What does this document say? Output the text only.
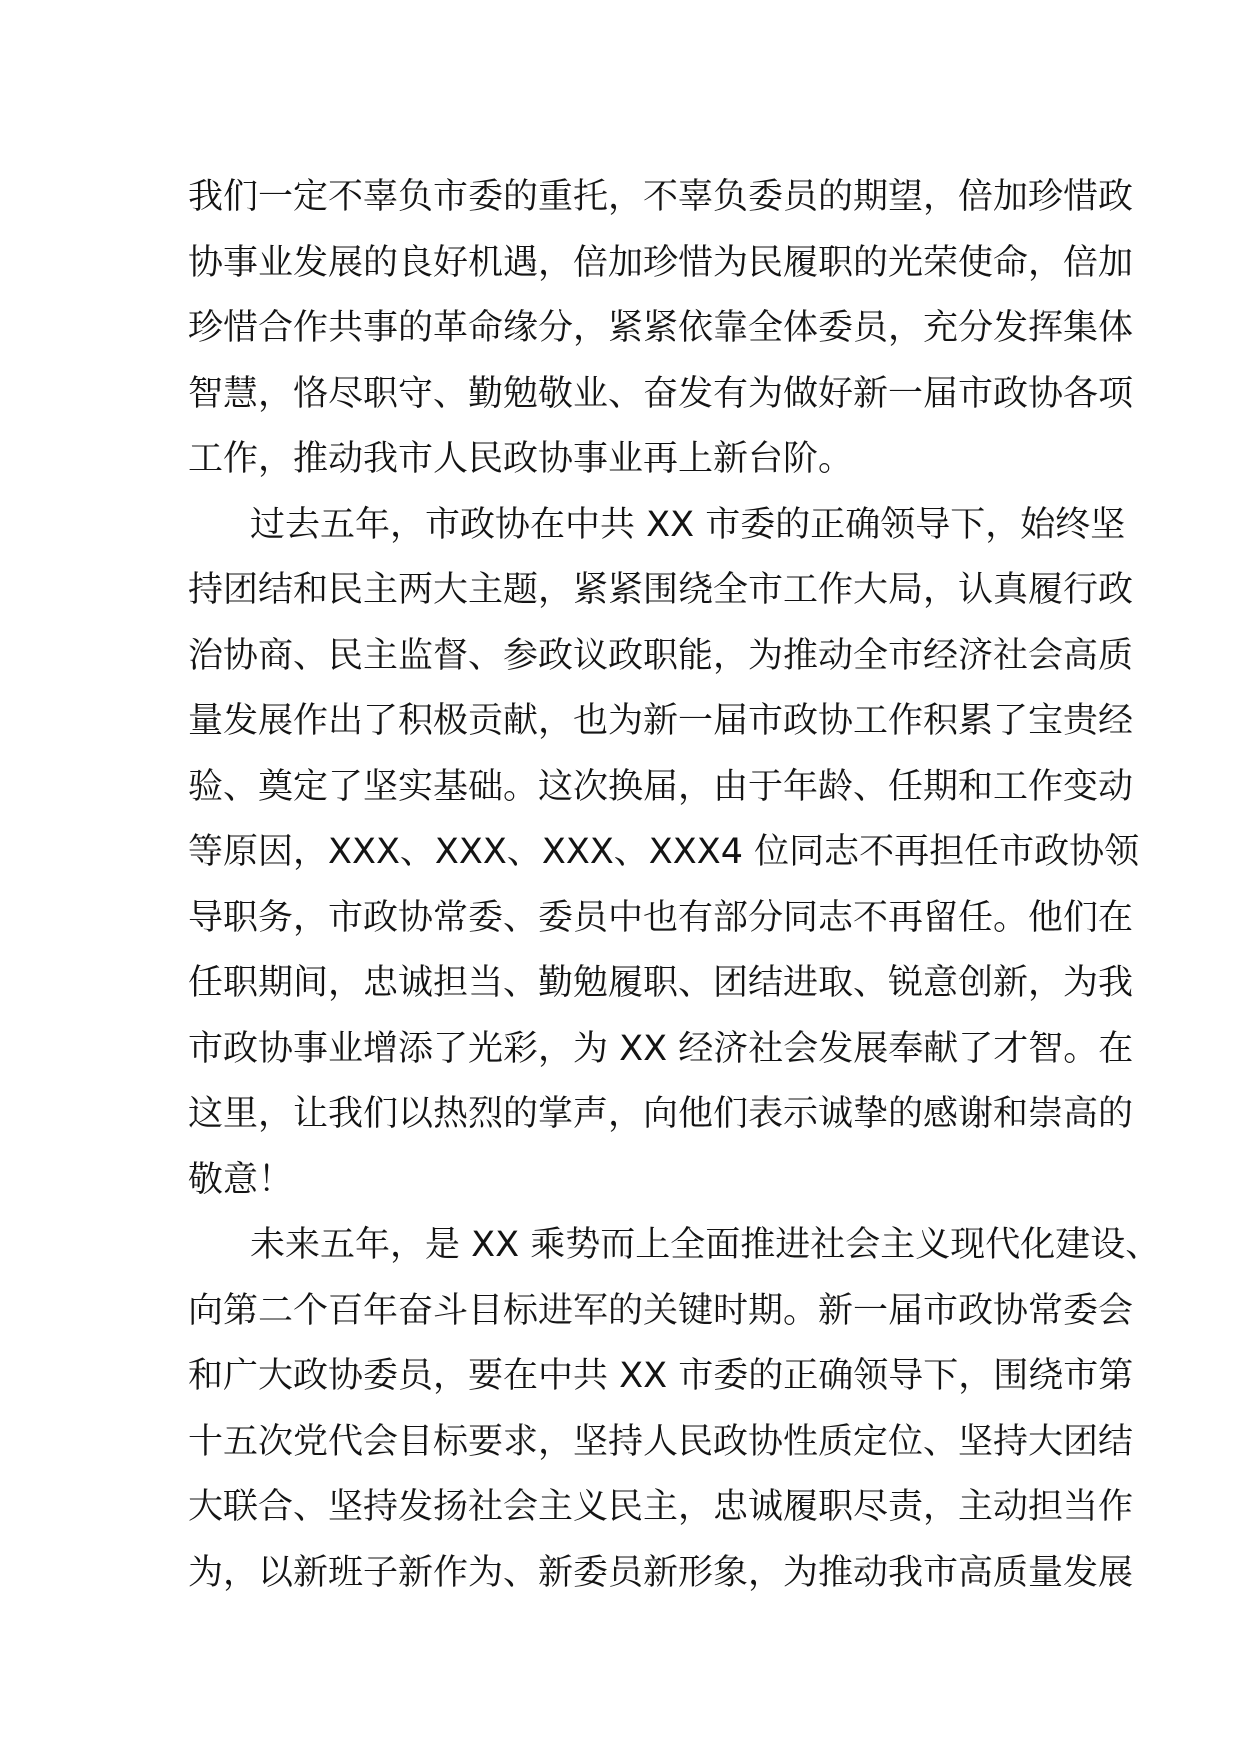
我们一定不辜负市委的重托，不辜负委员的期望，倍加珍惜政
协事业发展的良好机遇，倍加珍惜为民履职的光荣使命，倍加
珍惜合作共事的革命缘分，紧紧依靠全体委员，充分发挥集体
智慧，恪尽职守、勤勉敬业、奋发有为做好新一届市政协各项
工作，推动我市人民政协事业再上新台阶。
过去五年，市政协在中共 XX 市委的正确领导下，始终坚
持团结和民主两大主题，紧紧围绕全市工作大局，认真履行政
治协商、民主监督、参政议政职能，为推动全市经济社会高质
量发展作出了积极贡献，也为新一届市政协工作积累了宝贵经
验、奠定了坚实基础。这次换届，由于年龄、任期和工作变动
等原因，XXX、XXX、XXX、XXX4 位同志不再担任市政协领
导职务，市政协常委、委员中也有部分同志不再留任。他们在
任职期间，忠诚担当、勤勉履职、团结进取、锐意创新，为我
市政协事业增添了光彩，为 XX 经济社会发展奉献了才智。在
这里，让我们以热烈的掌声，向他们表示诚挚的感谢和崇高的
敬意！
未来五年，是 XX 乘势而上全面推进社会主义现代化建设、
向第二个百年奋斗目标进军的关键时期。新一届市政协常委会
和广大政协委员，要在中共 XX 市委的正确领导下，围绕市第
十五次党代会目标要求，坚持人民政协性质定位、坚持大团结
大联合、坚持发扬社会主义民主，忠诚履职尽责，主动担当作
为，以新班子新作为、新委员新形象，为推动我市高质量发展
